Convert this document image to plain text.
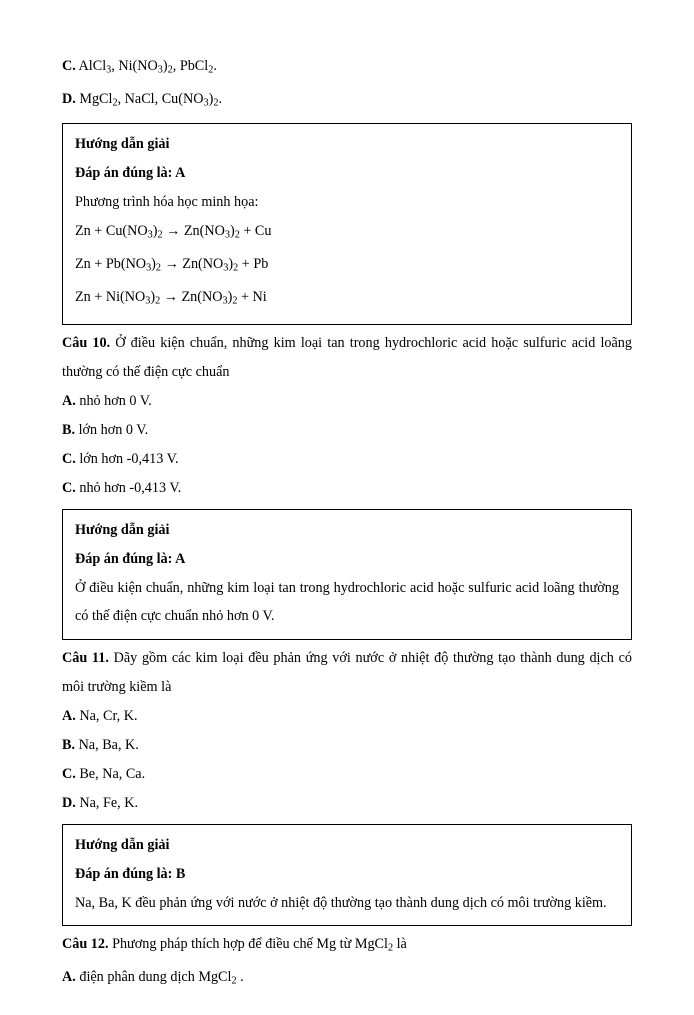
C. AlCl$_3$, $Ni(NO_3)_2$, PbCl$_2$.

D. MgCl$_2$, NaCl, $Cu(NO_3)_2$.

Hướng dẫn giải

Đáp án đúng là: A

Phương trình hóa học minh họa:

$Zn + Cu(NO_3)_2 \to Zn(NO_3)_2 + Cu$

$Zn + Pb(NO_3)_2 \to Zn(NO_3)_2 + Pb$

$Zn + Ni(NO_3)_2 \to Zn(NO_3)_2 + Ni$

Câu 10. Ở điều kiện chuẩn, những kim loại tan trong hydrochloric acid hoặc sulfuric acid loãng thường có thế điện cực chuẩn

A. nhỏ hơn 0 V.

B. lớn hơn 0 V.

C. lớn hơn -0,413 V.

C. nhỏ hơn -0,413 V.

Hướng dẫn giải

Đáp án đúng là: A

Ở điều kiện chuẩn, những kim loại tan trong hydrochloric acid hoặc sulfuric acid loãng thường có thế điện cực chuẩn nhỏ hơn 0 V.

Câu 11. Dãy gồm các kim loại đều phản ứng với nước ở nhiệt độ thường tạo thành dung dịch có môi trường kiềm là

A. Na, Cr, K.

B. Na, Ba, K.

C. Be, Na, Ca.

D. Na, Fe, K.

Hướng dẫn giải

Đáp án đúng là: B

Na, Ba, K đều phản ứng với nước ở nhiệt độ thường tạo thành dung dịch có môi trường kiềm.

Câu 12. Phương pháp thích hợp để điều chế Mg từ MgCl$_2$ là

A. điện phân dung dịch MgCl$_2$ .
